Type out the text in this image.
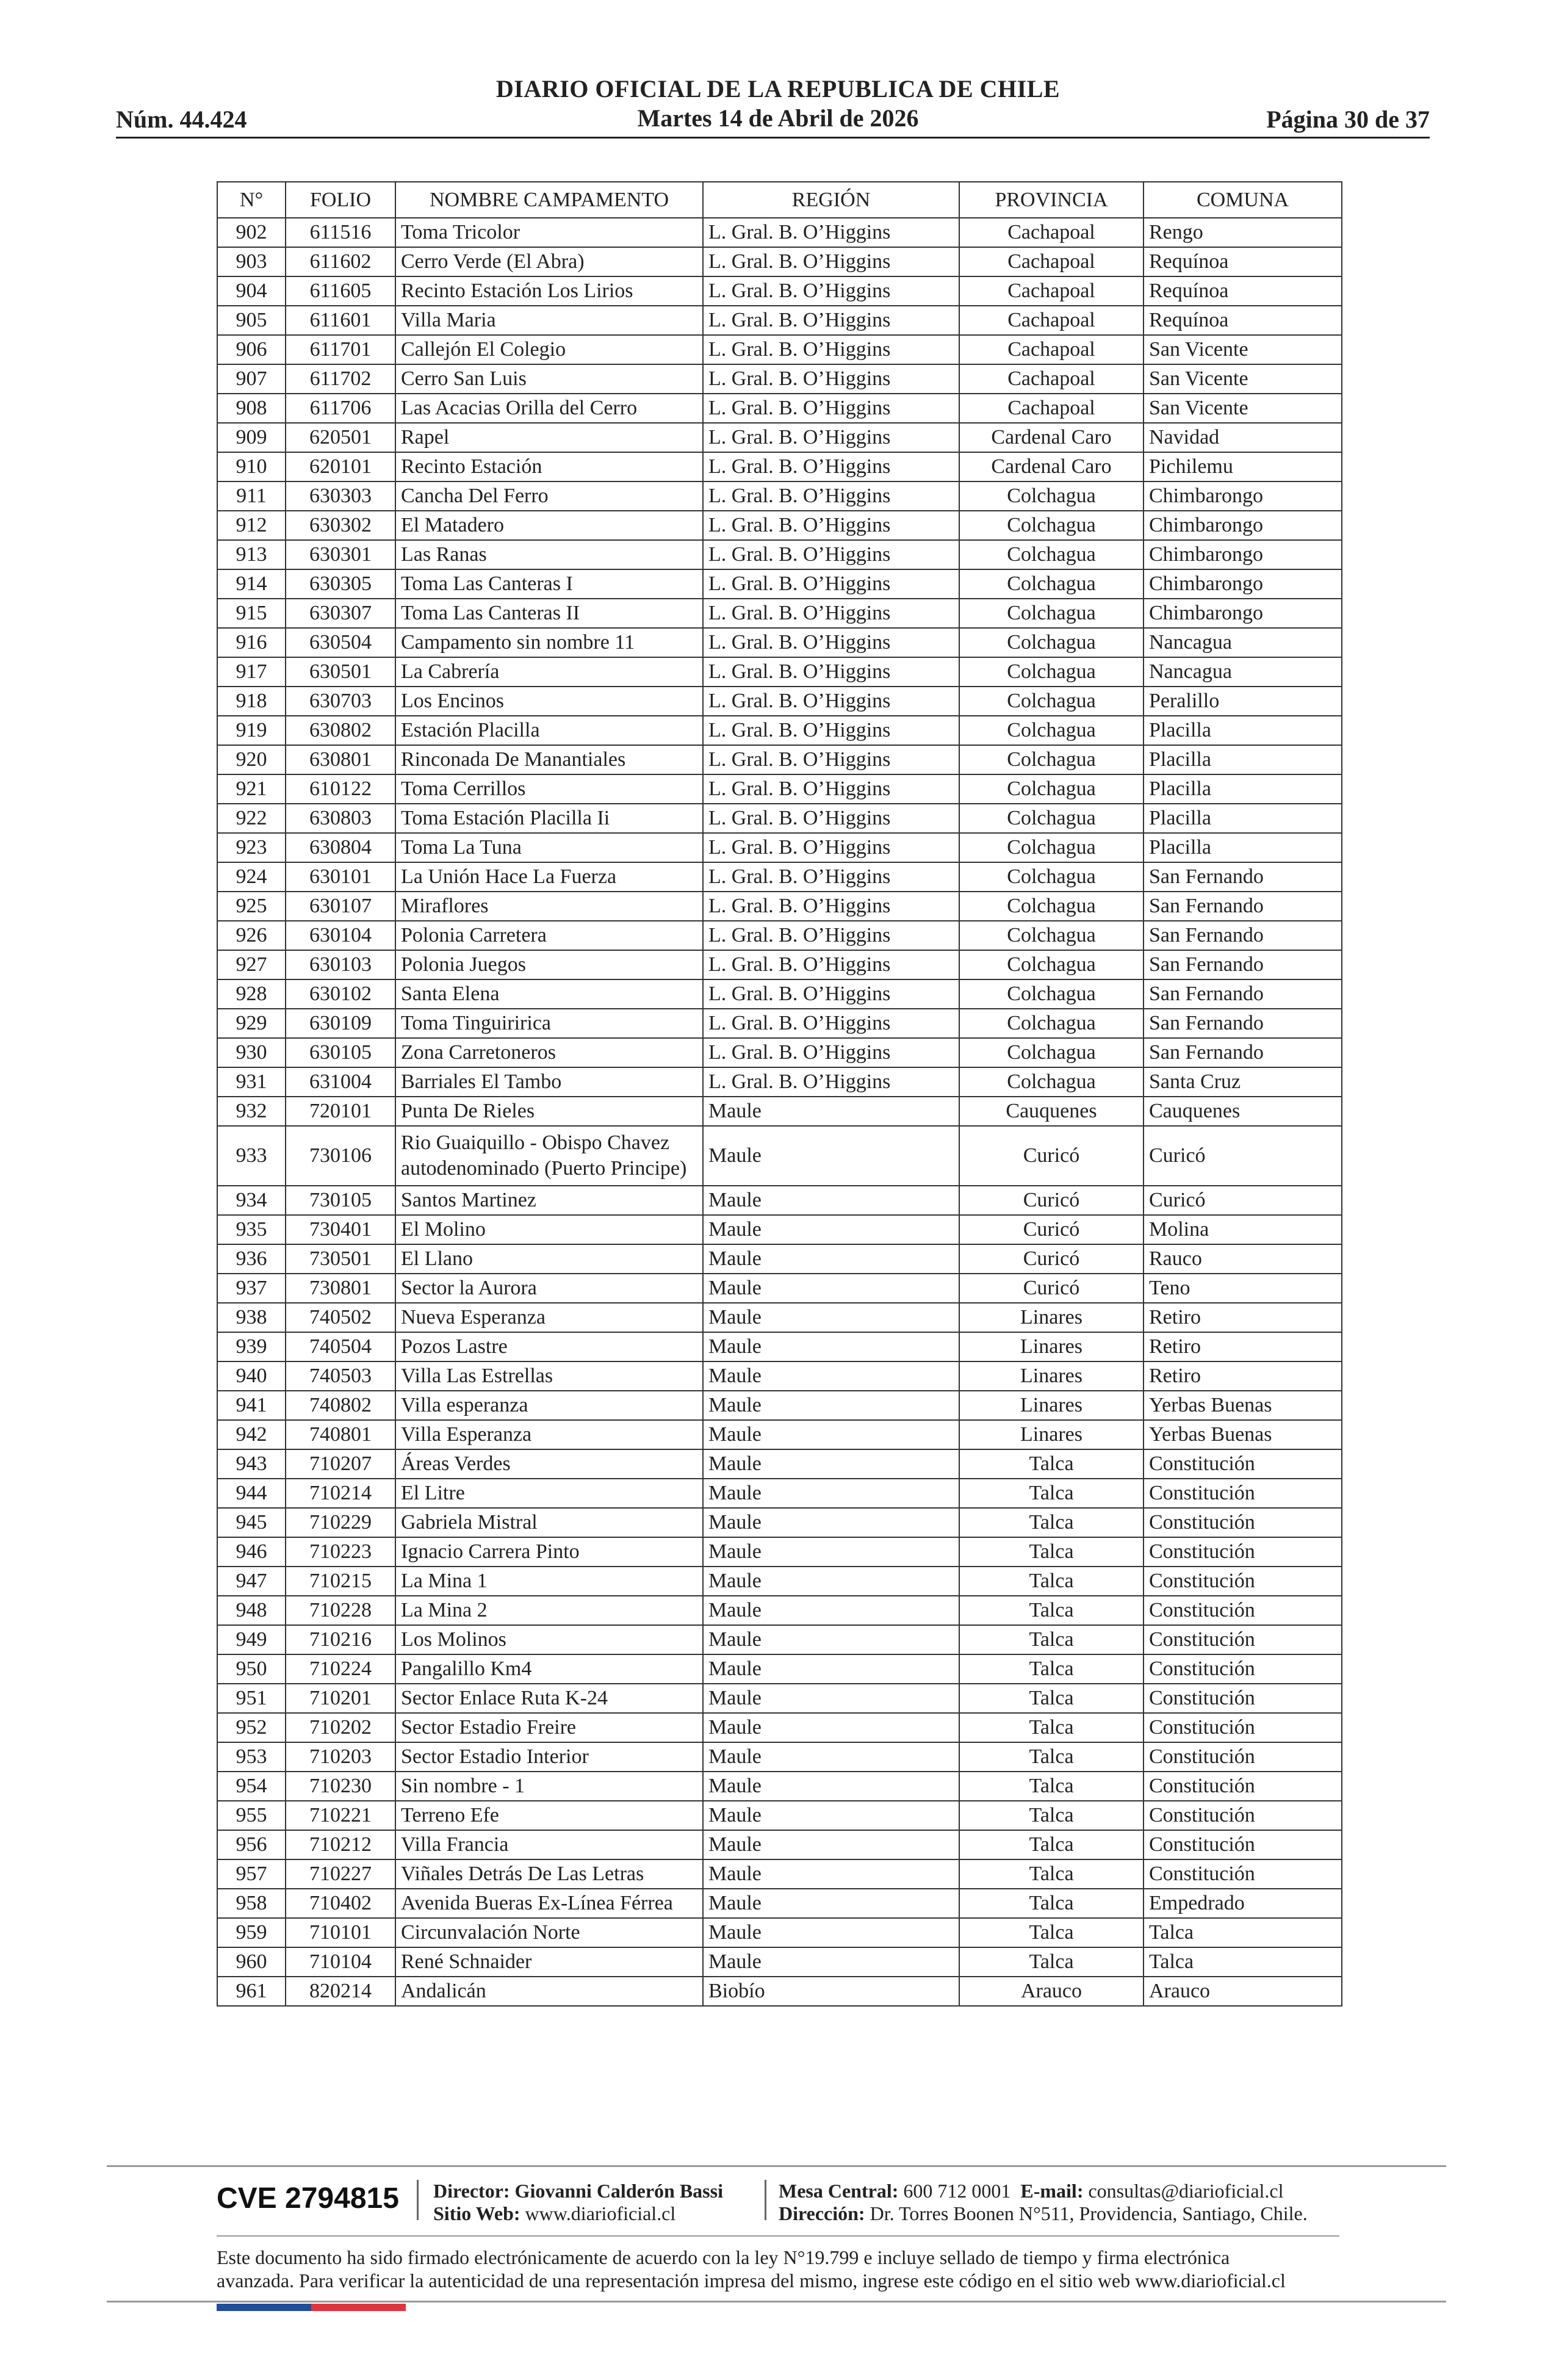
DIARIO OFICIAL DE LA REPUBLICA DE CHILE
Martes 14 de Abril de 2026
Núm. 44.424	Página 30 de 37
N°	FOLIO	NOMBRE CAMPAMENTO	REGIÓN	PROVINCIA	COMUNA
902	611516	Toma Tricolor	L. Gral. B. O’Higgins	Cachapoal	Rengo
903	611602	Cerro Verde (El Abra)	L. Gral. B. O’Higgins	Cachapoal	Requínoa
904	611605	Recinto Estación Los Lirios	L. Gral. B. O’Higgins	Cachapoal	Requínoa
905	611601	Villa Maria	L. Gral. B. O’Higgins	Cachapoal	Requínoa
906	611701	Callejón El Colegio	L. Gral. B. O’Higgins	Cachapoal	San Vicente
907	611702	Cerro San Luis	L. Gral. B. O’Higgins	Cachapoal	San Vicente
908	611706	Las Acacias Orilla del Cerro	L. Gral. B. O’Higgins	Cachapoal	San Vicente
909	620501	Rapel	L. Gral. B. O’Higgins	Cardenal Caro	Navidad
910	620101	Recinto Estación	L. Gral. B. O’Higgins	Cardenal Caro	Pichilemu
911	630303	Cancha Del Ferro	L. Gral. B. O’Higgins	Colchagua	Chimbarongo
912	630302	El Matadero	L. Gral. B. O’Higgins	Colchagua	Chimbarongo
913	630301	Las Ranas	L. Gral. B. O’Higgins	Colchagua	Chimbarongo
914	630305	Toma Las Canteras I	L. Gral. B. O’Higgins	Colchagua	Chimbarongo
915	630307	Toma Las Canteras II	L. Gral. B. O’Higgins	Colchagua	Chimbarongo
916	630504	Campamento sin nombre 11	L. Gral. B. O’Higgins	Colchagua	Nancagua
917	630501	La Cabrería	L. Gral. B. O’Higgins	Colchagua	Nancagua
918	630703	Los Encinos	L. Gral. B. O’Higgins	Colchagua	Peralillo
919	630802	Estación Placilla	L. Gral. B. O’Higgins	Colchagua	Placilla
920	630801	Rinconada De Manantiales	L. Gral. B. O’Higgins	Colchagua	Placilla
921	610122	Toma Cerrillos	L. Gral. B. O’Higgins	Colchagua	Placilla
922	630803	Toma Estación Placilla Ii	L. Gral. B. O’Higgins	Colchagua	Placilla
923	630804	Toma La Tuna	L. Gral. B. O’Higgins	Colchagua	Placilla
924	630101	La Unión Hace La Fuerza	L. Gral. B. O’Higgins	Colchagua	San Fernando
925	630107	Miraflores	L. Gral. B. O’Higgins	Colchagua	San Fernando
926	630104	Polonia Carretera	L. Gral. B. O’Higgins	Colchagua	San Fernando
927	630103	Polonia Juegos	L. Gral. B. O’Higgins	Colchagua	San Fernando
928	630102	Santa Elena	L. Gral. B. O’Higgins	Colchagua	San Fernando
929	630109	Toma Tinguiririca	L. Gral. B. O’Higgins	Colchagua	San Fernando
930	630105	Zona Carretoneros	L. Gral. B. O’Higgins	Colchagua	San Fernando
931	631004	Barriales El Tambo	L. Gral. B. O’Higgins	Colchagua	Santa Cruz
932	720101	Punta De Rieles	Maule	Cauquenes	Cauquenes
933	730106	Rio Guaiquillo - Obispo Chavez autodenominado (Puerto Principe)	Maule	Curicó	Curicó
934	730105	Santos Martinez	Maule	Curicó	Curicó
935	730401	El Molino	Maule	Curicó	Molina
936	730501	El Llano	Maule	Curicó	Rauco
937	730801	Sector la Aurora	Maule	Curicó	Teno
938	740502	Nueva Esperanza	Maule	Linares	Retiro
939	740504	Pozos Lastre	Maule	Linares	Retiro
940	740503	Villa Las Estrellas	Maule	Linares	Retiro
941	740802	Villa esperanza	Maule	Linares	Yerbas Buenas
942	740801	Villa Esperanza	Maule	Linares	Yerbas Buenas
943	710207	Áreas Verdes	Maule	Talca	Constitución
944	710214	El Litre	Maule	Talca	Constitución
945	710229	Gabriela Mistral	Maule	Talca	Constitución
946	710223	Ignacio Carrera Pinto	Maule	Talca	Constitución
947	710215	La Mina 1	Maule	Talca	Constitución
948	710228	La Mina 2	Maule	Talca	Constitución
949	710216	Los Molinos	Maule	Talca	Constitución
950	710224	Pangalillo Km4	Maule	Talca	Constitución
951	710201	Sector Enlace Ruta K-24	Maule	Talca	Constitución
952	710202	Sector Estadio Freire	Maule	Talca	Constitución
953	710203	Sector Estadio Interior	Maule	Talca	Constitución
954	710230	Sin nombre - 1	Maule	Talca	Constitución
955	710221	Terreno Efe	Maule	Talca	Constitución
956	710212	Villa Francia	Maule	Talca	Constitución
957	710227	Viñales Detrás De Las Letras	Maule	Talca	Constitución
958	710402	Avenida Bueras Ex-Línea Férrea	Maule	Talca	Empedrado
959	710101	Circunvalación Norte	Maule	Talca	Talca
960	710104	René Schnaider	Maule	Talca	Talca
961	820214	Andalicán	Biobío	Arauco	Arauco
CVE 2794815 Director: Giovanni Calderón Bassi
Sitio Web: www.diarioficial.cl
Mesa Central: 600 712 0001 E-mail: consultas@diarioficial.cl
Dirección: Dr. Torres Boonen N°511, Providencia, Santiago, Chile.
Este documento ha sido firmado electrónicamente de acuerdo con la ley N°19.799 e incluye sellado de tiempo y firma electrónica
avanzada. Para verificar la autenticidad de una representación impresa del mismo, ingrese este código en el sitio web www.diarioficial.cl
